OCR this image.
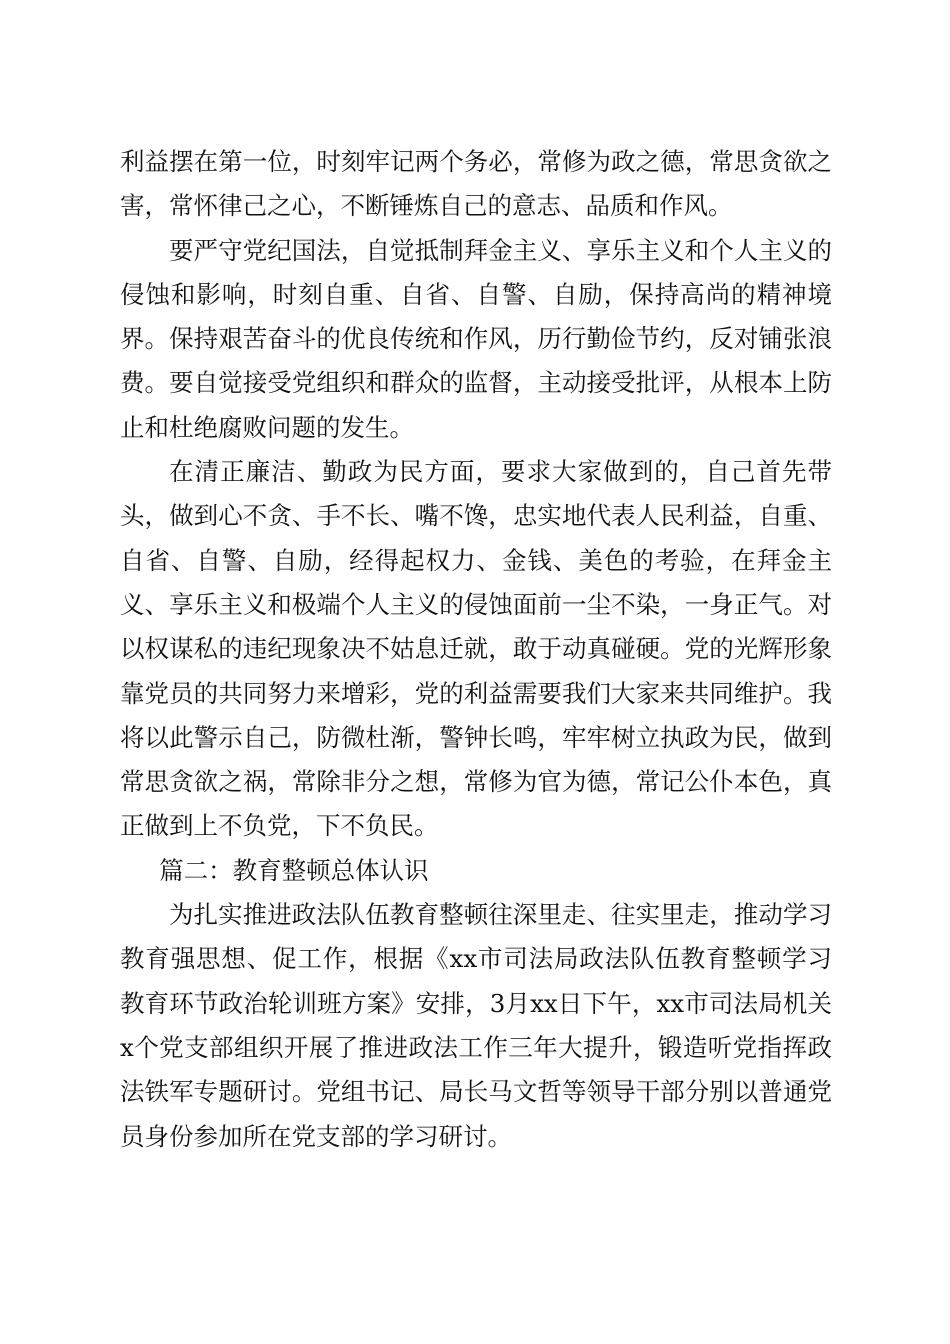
利益摆在第一位，时刻牢记两个务必，常修为政之德，常思贪欲之害，常怀律己之心，不断锤炼自己的意志、品质和作风。

要严守党纪国法，自觉抵制拜金主义、享乐主义和个人主义的侵蚀和影响，时刻自重、自省、自警、自励，保持高尚的精神境界。保持艰苦奋斗的优良传统和作风，历行勤俭节约，反对铺张浪费。要自觉接受党组织和群众的监督，主动接受批评，从根本上防止和杜绝腐败问题的发生。

在清正廉洁、勤政为民方面，要求大家做到的，自己首先带头，做到心不贪、手不长、嘴不馋，忠实地代表人民利益，自重、自省、自警、自励，经得起权力、金钱、美色的考验，在拜金主义、享乐主义和极端个人主义的侵蚀面前一尘不染，一身正气。对以权谋私的违纪现象决不姑息迁就，敢于动真碰硬。党的光辉形象靠党员的共同努力来增彩，党的利益需要我们大家来共同维护。我将以此警示自己，防微杜渐，警钟长鸣，牢牢树立执政为民，做到常思贪欲之祸，常除非分之想，常修为官为德，常记公仆本色，真正做到上不负党，下不负民。

篇二：教育整顿总体认识

为扎实推进政法队伍教育整顿往深里走、往实里走，推动学习教育强思想、促工作，根据《xx市司法局政法队伍教育整顿学习教育环节政治轮训班方案》安排，3月xx日下午，xx市司法局机关x个党支部组织开展了推进政法工作三年大提升，锻造听党指挥政法铁军专题研讨。党组书记、局长马文哲等领导干部分别以普通党员身份参加所在党支部的学习研讨。
